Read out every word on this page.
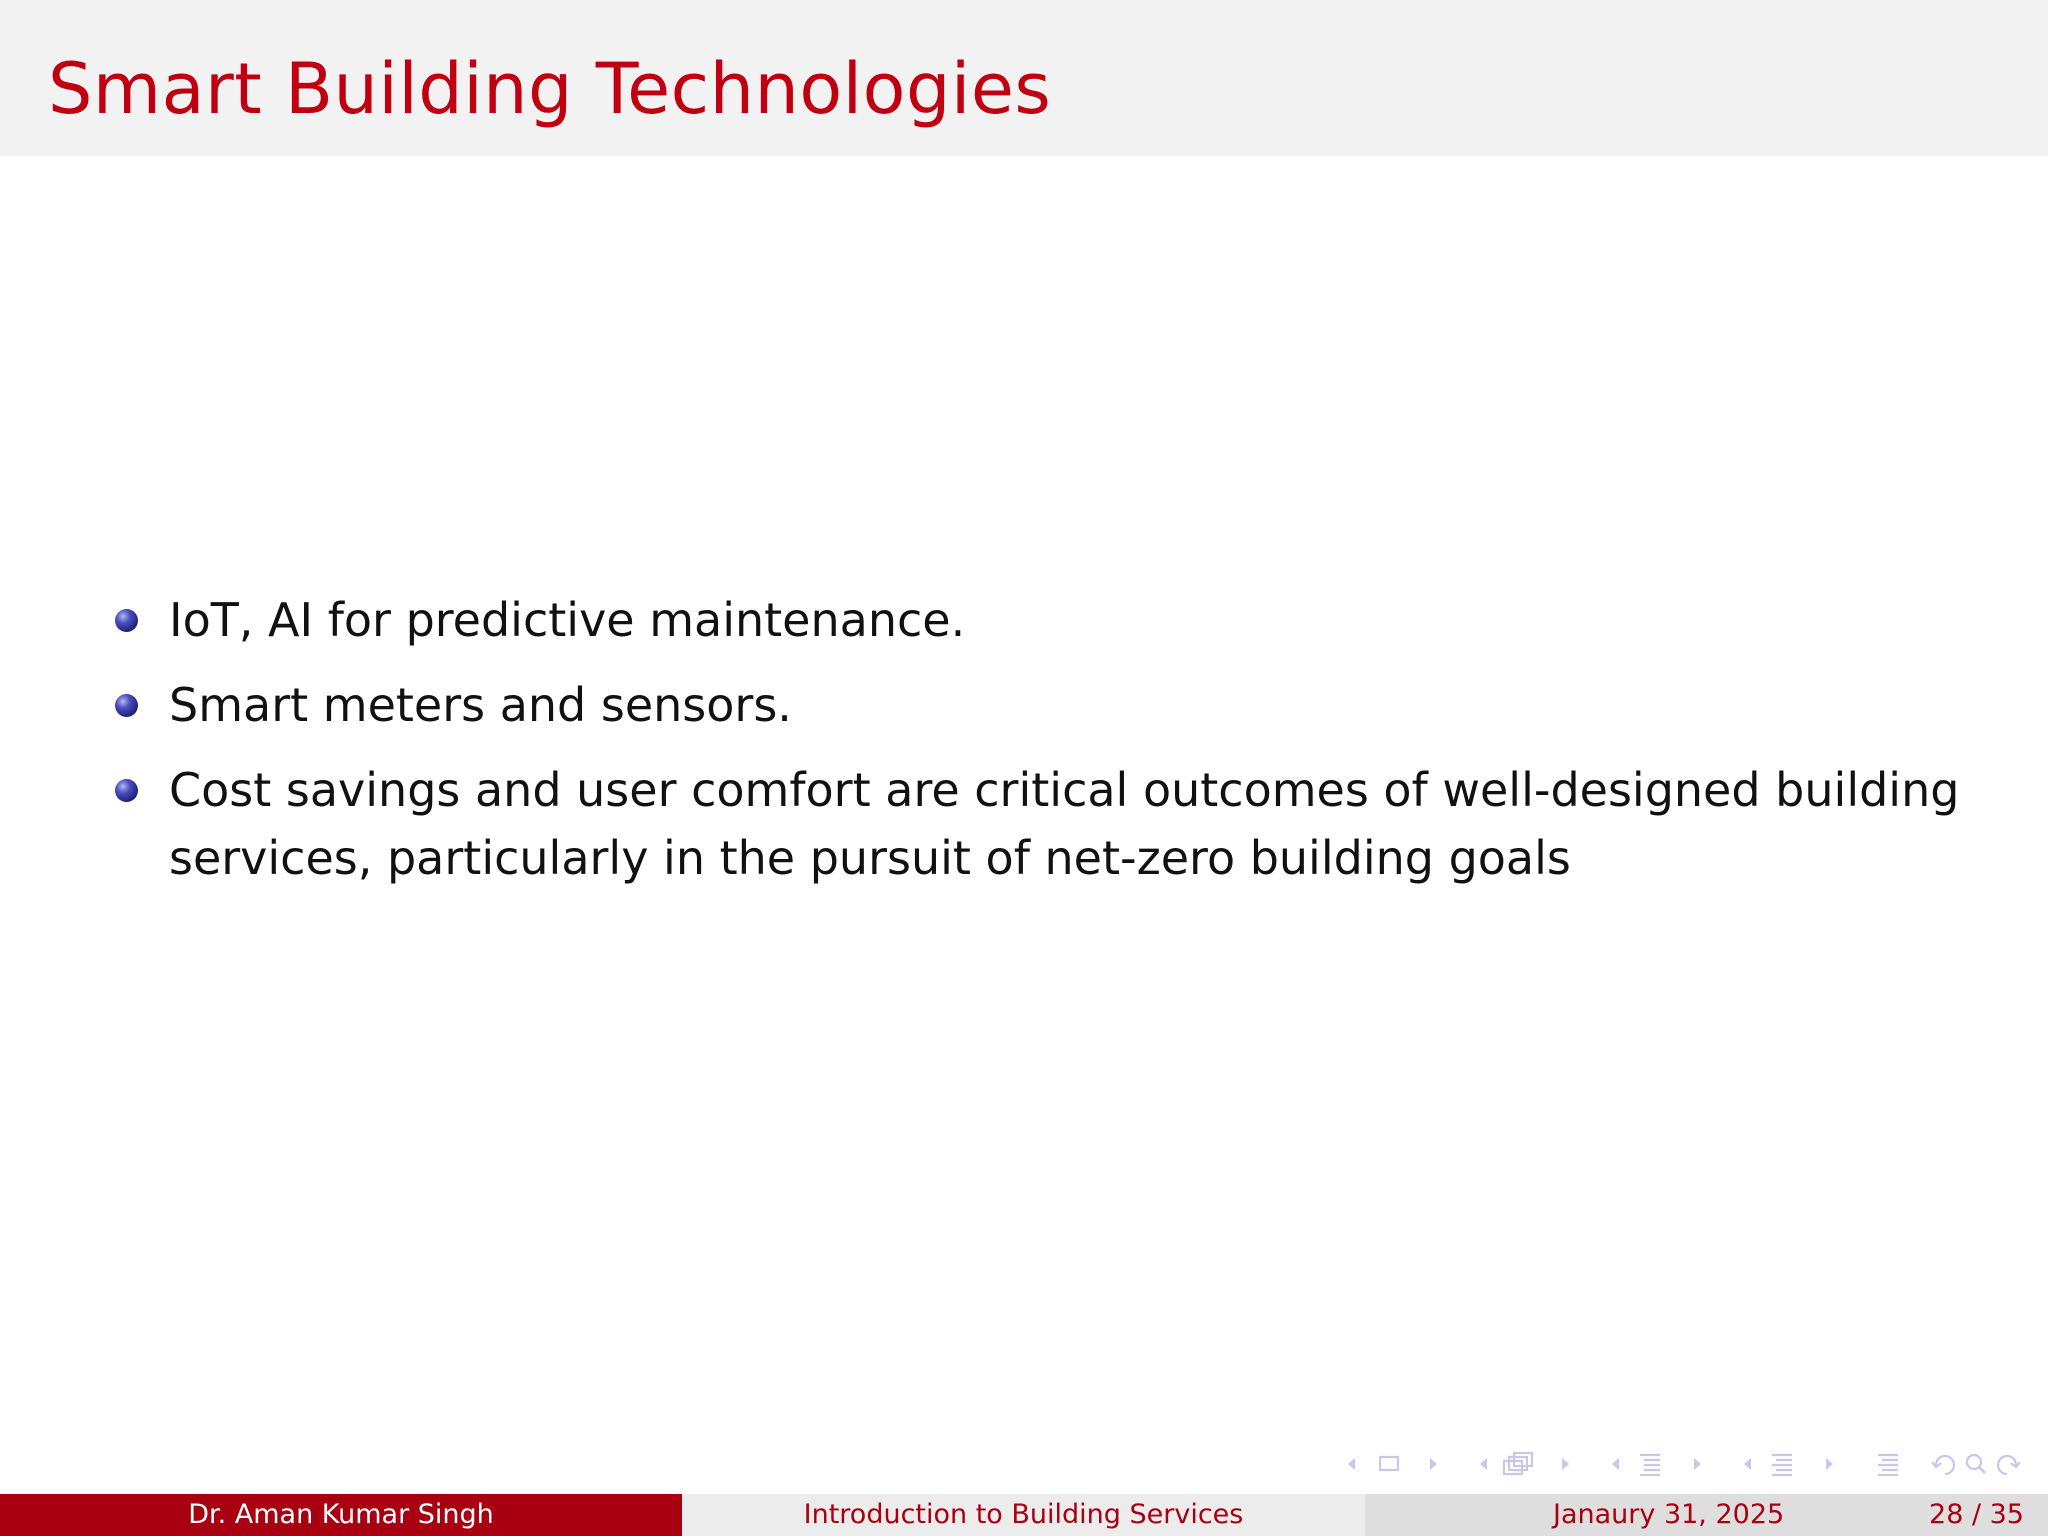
Smart Building Technologies
IoT, AI for predictive maintenance.
Smart meters and sensors.
Cost savings and user comfort are critical outcomes of well-designed building services, particularly in the pursuit of net-zero building goals
Dr. Aman Kumar Singh	Introduction to Building Services	Janaury 31, 2025	28 / 35
